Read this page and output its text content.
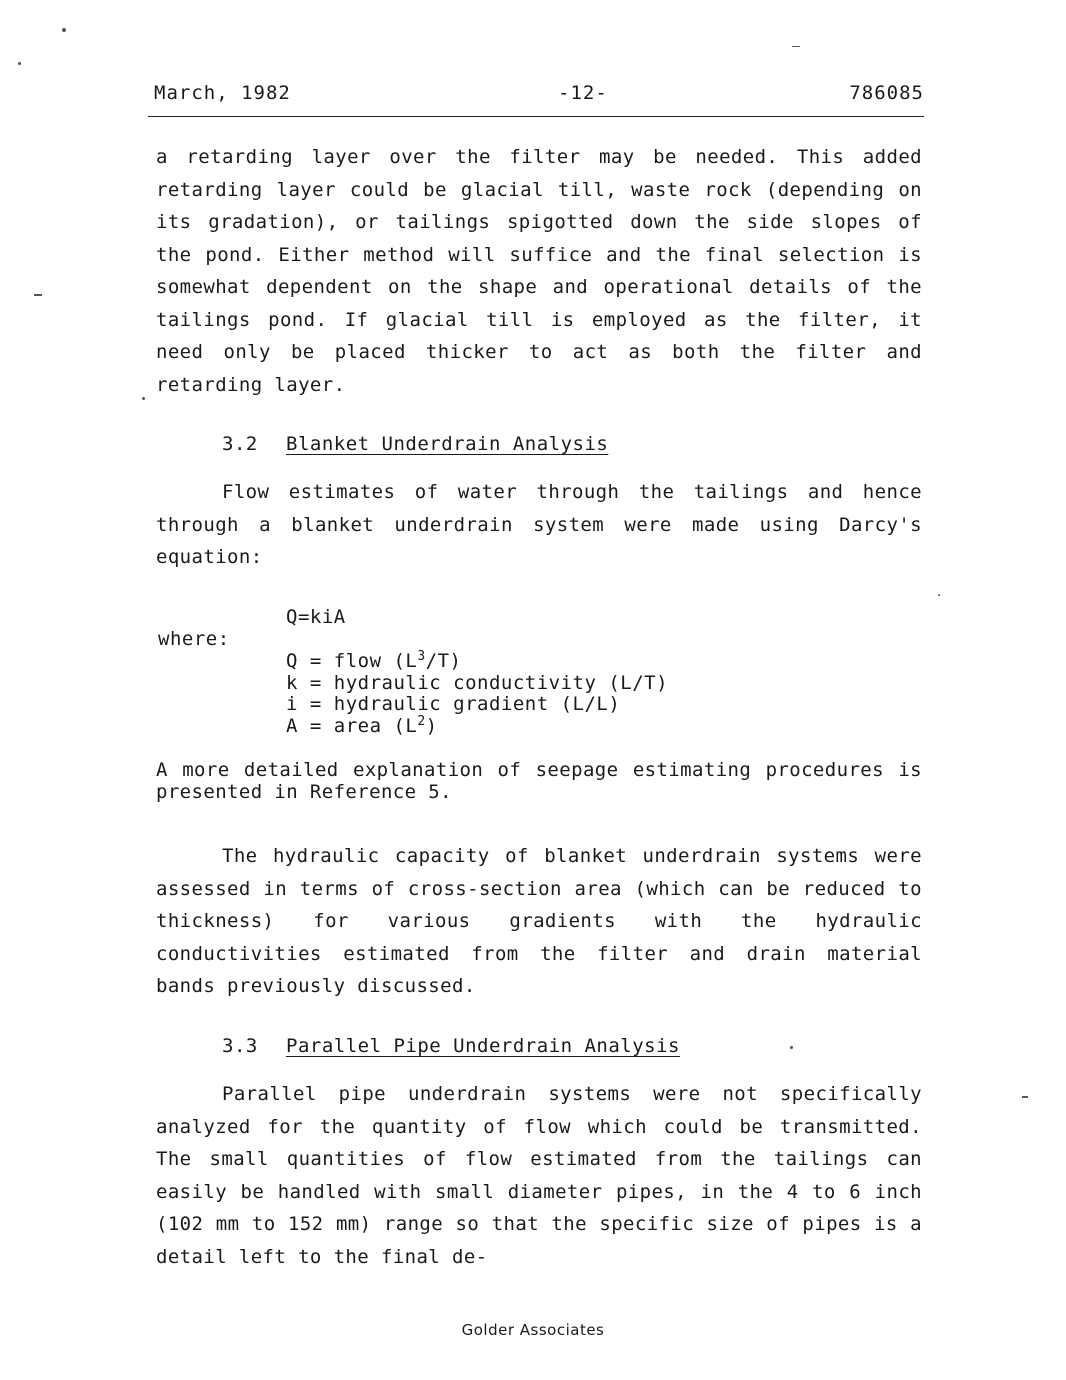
March, 1982	-12-	786085

a retarding layer over the filter may be needed. This added retarding layer could be glacial till, waste rock (depending on its gradation), or tailings spigotted down the side slopes of the pond. Either method will suffice and the final selection is somewhat dependent on the shape and operational details of the tailings pond. If glacial till is employed as the filter, it need only be placed thicker to act as both the filter and retarding layer.

3.2 Blanket Underdrain Analysis

Flow estimates of water through the tailings and hence through a blanket underdrain system were made using Darcy's equation:

Q=kiA
where:
Q = flow $(L^3/T)$
k = hydraulic conductivity (L/T)
i = hydraulic gradient (L/L)
A = area $(L^2)$

A more detailed explanation of seepage estimating procedures is presented in Reference 5.

The hydraulic capacity of blanket underdrain systems were assessed in terms of cross-section area (which can be reduced to thickness) for various gradients with the hydraulic conductivities estimated from the filter and drain material bands previously discussed.

3.3 Parallel Pipe Underdrain Analysis

Parallel pipe underdrain systems were not specifically analyzed for the quantity of flow which could be transmitted. The small quantities of flow estimated from the tailings can easily be handled with small diameter pipes, in the 4 to 6 inch (102 mm to 152 mm) range so that the specific size of pipes is a detail left to the final de-

Golder Associates
